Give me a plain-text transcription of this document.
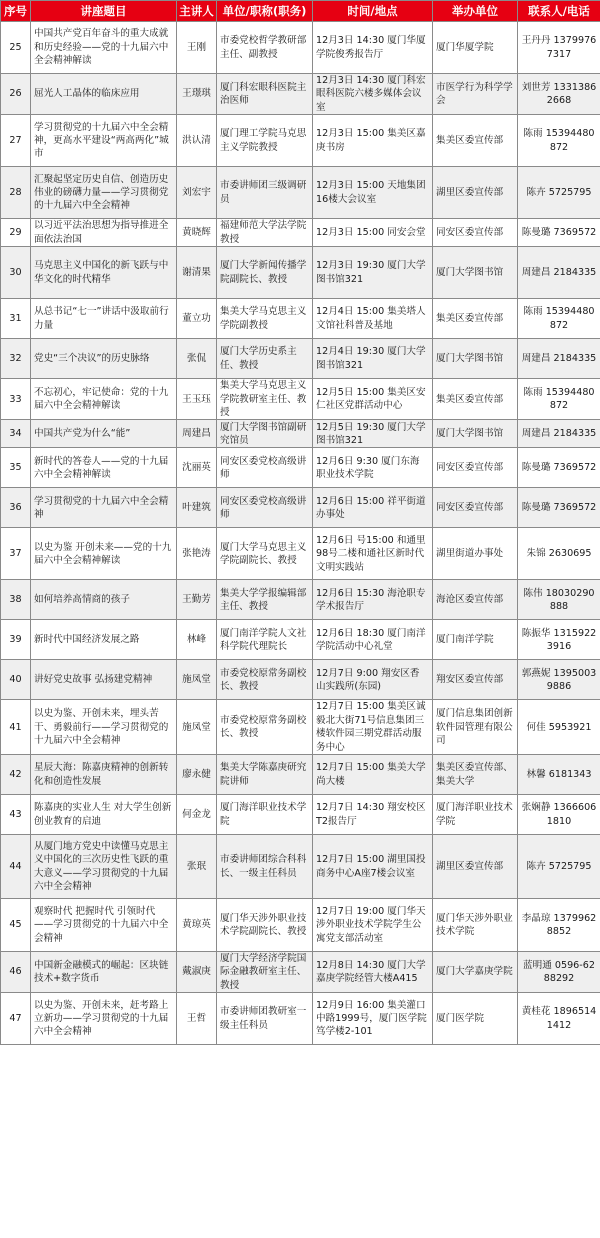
序号	讲座题目	主讲人	单位/职称(职务)	时间/地点	举办单位	联系人/电话
25	中国共产党百年奋斗的重大成就和历史经验——党的十九届六中全会精神解读	王刚	市委党校哲学教研部主任、副教授	12月3日 14:30 厦门华厦学院俊秀报告厅	厦门华厦学院	王丹丹 13799767317
26	屈光人工晶体的临床应用	王璟琪	厦门科宏眼科医院主治医师	12月3日 14:30 厦门科宏眼科医院六楼多媒体会议室	市医学行为科学学会	刘世芳 13313862668
27	学习贯彻党的十九届六中全会精神，更高水平建设“两高两化”城市	洪认清	厦门理工学院马克思主义学院教授	12月3日 15:00 集美区嘉庚书房	集美区委宣传部	陈雨 15394480872
28	汇聚起坚定历史自信、创造历史伟业的磅礴力量——学习贯彻党的十九届六中全会精神	刘宏宇	市委讲师团三级调研员	12月3日 15:00 天地集团16楼大会议室	湖里区委宣传部	陈卉 5725795
29	以习近平法治思想为指导推进全面依法治国	黄晓辉	福建师范大学法学院教授	12月3日 15:00 同安会堂	同安区委宣传部	陈曼璐 7369572
30	马克思主义中国化的新飞跃与中华文化的时代精华	谢清果	厦门大学新闻传播学院副院长、教授	12月3日 19:30 厦门大学图书馆321	厦门大学图书馆	周建昌 2184335
31	从总书记“七一”讲话中汲取前行力量	董立功	集美大学马克思主义学院副教授	12月4日 15:00 集美塔人文馆社科普及基地	集美区委宣传部	陈雨 15394480872
32	党史“三个决议”的历史脉络	张侃	厦门大学历史系主任、教授	12月4日 19:30 厦门大学图书馆321	厦门大学图书馆	周建昌 2184335
33	不忘初心，牢记使命：党的十九届六中全会精神解读	王玉珏	集美大学马克思主义学院教研室主任、教授	12月5日 15:00 集美区安仁社区党群活动中心	集美区委宣传部	陈雨 15394480872
34	中国共产党为什么“能”	周建昌	厦门大学图书馆副研究馆员	12月5日 19:30 厦门大学图书馆321	厦门大学图书馆	周建昌 2184335
35	新时代的答卷人——党的十九届六中全会精神解读	沈丽英	同安区委党校高级讲师	12月6日 9:30 厦门东海职业技术学院	同安区委宣传部	陈曼璐 7369572
36	学习贯彻党的十九届六中全会精神	叶建筑	同安区委党校高级讲师	12月6日 15:00 祥平街道办事处	同安区委宣传部	陈曼璐 7369572
37	以史为鉴 开创未来——党的十九届六中全会精神解读	张艳涛	厦门大学马克思主义学院副院长、教授	12月6日 号15:00 和通里98号二楼和通社区新时代文明实践站	湖里街道办事处	朱锦 2630695
38	如何培养高情商的孩子	王勤芳	集美大学学报编辑部主任、教授	12月6日 15:30 海沧职专学术报告厅	海沧区委宣传部	陈伟 18030290888
39	新时代中国经济发展之路	林峰	厦门南洋学院人文社科学院代理院长	12月6日 18:30 厦门南洋学院活动中心礼堂	厦门南洋学院	陈振华 13159223916
40	讲好党史故事 弘扬建党精神	施凤堂	市委党校原常务副校长、教授	12月7日 9:00 翔安区香山实践所(东园)	翔安区委宣传部	郭燕妮 13950039886
41	以史为鉴、开创未来，埋头苦干、勇毅前行——学习贯彻党的十九届六中全会精神	施凤堂	市委党校原常务副校长、教授	12月7日 15:00 集美区诚毅北大街71号信息集团三楼软件园三期党群活动服务中心	厦门信息集团创新软件园管理有限公司	何佳 5953921
42	星辰大海：陈嘉庚精神的创新转化和创造性发展	廖永健	集美大学陈嘉庚研究院讲师	12月7日 15:00 集美大学尚大楼	集美区委宣传部、集美大学	林馨 6181343
43	陈嘉庚的实业人生 对大学生创新创业教育的启迪	何金龙	厦门海洋职业技术学院	12月7日 14:30 翔安校区T2报告厅	厦门海洋职业技术学院	张娴静 13666061810
44	从厦门地方党史中读懂马克思主义中国化的三次历史性飞跃的重大意义——学习贯彻党的十九届六中全会精神	张珉	市委讲师团综合科科长、一级主任科员	12月7日 15:00 湖里国投商务中心A座7楼会议室	湖里区委宣传部	陈卉 5725795
45	观察时代 把握时代 引领时代——学习贯彻党的十九届六中全会精神	黄琼英	厦门华天涉外职业技术学院副院长、教授	12月7日 19:00 厦门华天涉外职业技术学院学生公寓党支部活动室	厦门华天涉外职业技术学院	李晶琼 13799628852
46	中国新金融模式的崛起：区块链技术+数字货币	戴淑庚	厦门大学经济学院国际金融教研室主任、教授	12月8日 14:30 厦门大学嘉庚学院经管大楼A415	厦门大学嘉庚学院	蓝明通 0596-6288292
47	以史为鉴、开创未来，赶考路上立新功——学习贯彻党的十九届六中全会精神	王哲	市委讲师团教研室一级主任科员	12月9日 16:00 集美灌口中路1999号，厦门医学院笃学楼2-101	厦门医学院	黄桂花 18965141412
